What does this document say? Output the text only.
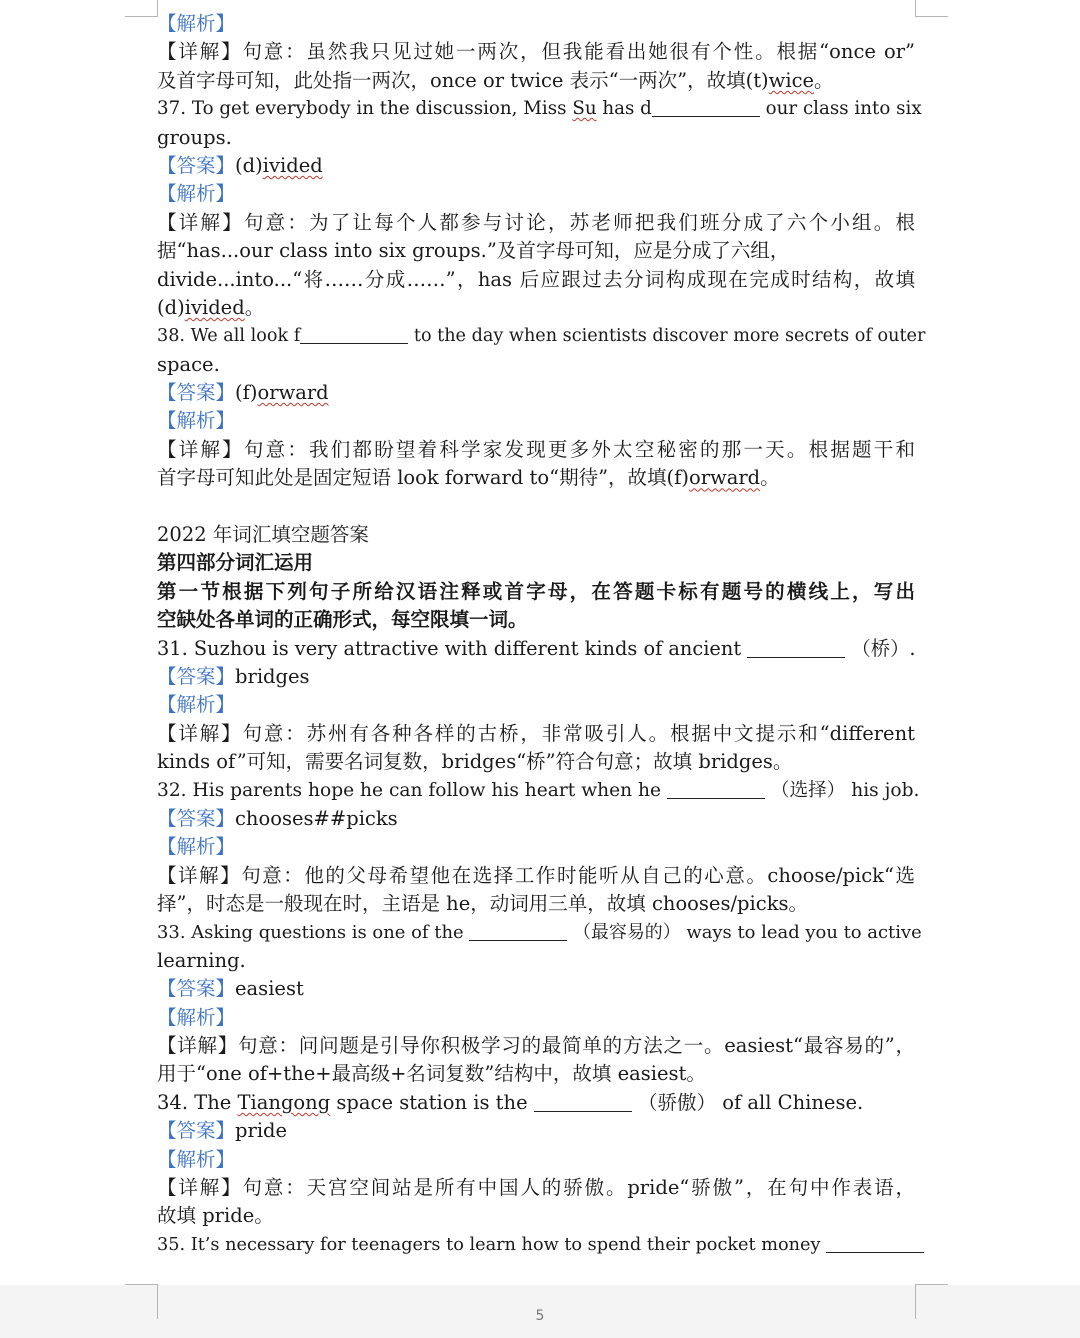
【解析】
【详解】句意：虽然我只见过她一两次，但我能看出她很有个性。根据“once or”
及首字母可知，此处指一两次，once or twice 表示“一两次”，故填(t)wice。
37. To get everybody in the discussion, Miss Su has d	our class into six
groups.
【答案】(d)ivided
【解析】
【详解】句意：为了让每个人都参与讨论，苏老师把我们班分成了六个小组。根
据“has...our class into six groups.”及首字母可知，应是分成了六组，
divide...into...“将……分成……”，has 后应跟过去分词构成现在完成时结构，故填
(d)ivided。
38. We all look f	to the day when scientists discover more secrets of outer
space.
【答案】(f)orward
【解析】
【详解】句意：我们都盼望着科学家发现更多外太空秘密的那一天。根据题干和
首字母可知此处是固定短语 look forward to“期待”，故填(f)orward。
2022 年词汇填空题答案
第四部分词汇运用
第一节根据下列句子所给汉语注释或首字母，在答题卡标有题号的横线上，写出
空缺处各单词的正确形式，每空限填一词。
31. Suzhou is very attractive with different kinds of ancient	（桥）.
【答案】bridges
【解析】
【详解】句意：苏州有各种各样的古桥，非常吸引人。根据中文提示和“different
kinds of”可知，需要名词复数，bridges“桥”符合句意；故填 bridges。
32. His parents hope he can follow his heart when he	（选择） his job.
【答案】chooses##picks
【解析】
【详解】句意：他的父母希望他在选择工作时能听从自己的心意。choose/pick“选
择”，时态是一般现在时，主语是 he，动词用三单，故填 chooses/picks。
33. Asking questions is one of the	（最容易的） ways to lead you to active
learning.
【答案】easiest
【解析】
【详解】句意：问问题是引导你积极学习的最简单的方法之一。easiest“最容易的”，
用于“one of+the+最高级+名词复数”结构中，故填 easiest。
34. The Tiangong space station is the	（骄傲） of all Chinese.
【答案】pride
【解析】
【详解】句意：天宫空间站是所有中国人的骄傲。pride“骄傲”，在句中作表语，
故填 pride。
35. It’s necessary for teenagers to learn how to spend their pocket money
5
